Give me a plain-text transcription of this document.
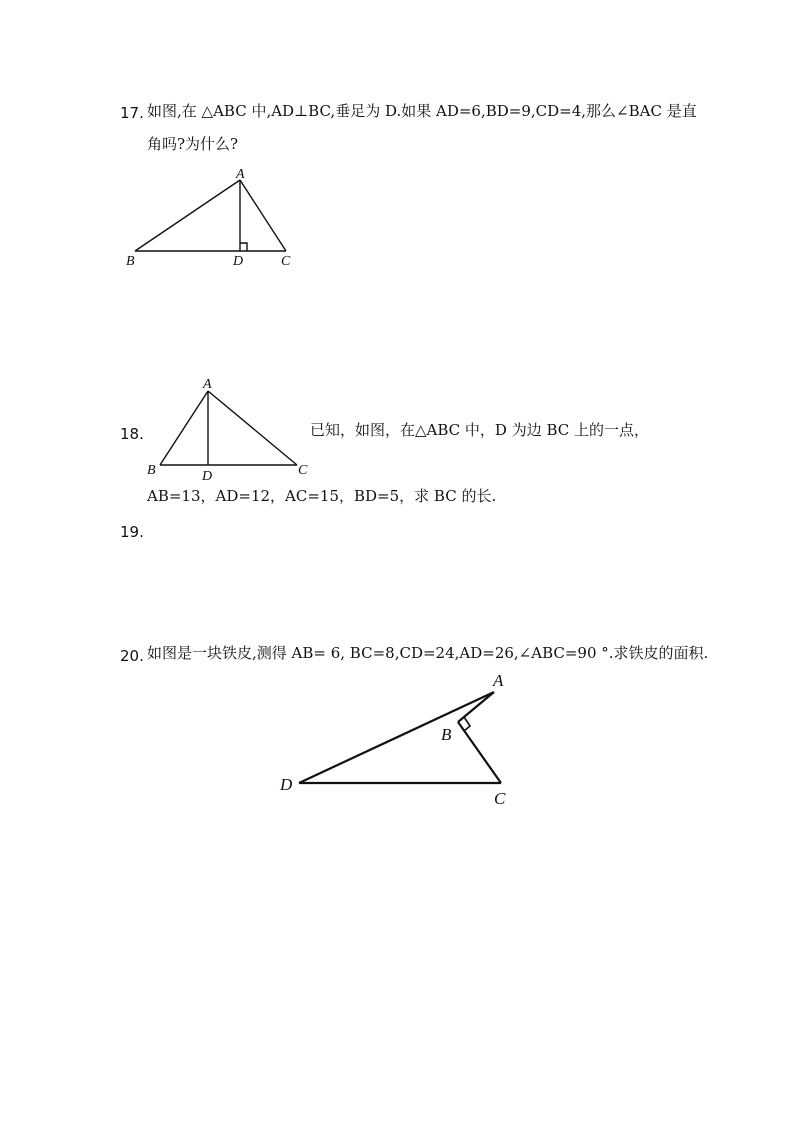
17. 如图,在 △ABC 中,AD⊥BC,垂足为 D.如果 AD=6,BD=9,CD=4,那么∠BAC 是直
角吗?为什么?
A
B	D	C
18.	已知，如图，在△ABC 中，D 为边 BC 上的一点，
AB=13，AD=12，AC=15，BD=5，求 BC 的长.
A
B	D	C
19.
20. 如图是一块铁皮,测得 AB= 6, BC=8,CD=24,AD=26,∠ABC=90 °.求铁皮的面积.
A
B
D
C
